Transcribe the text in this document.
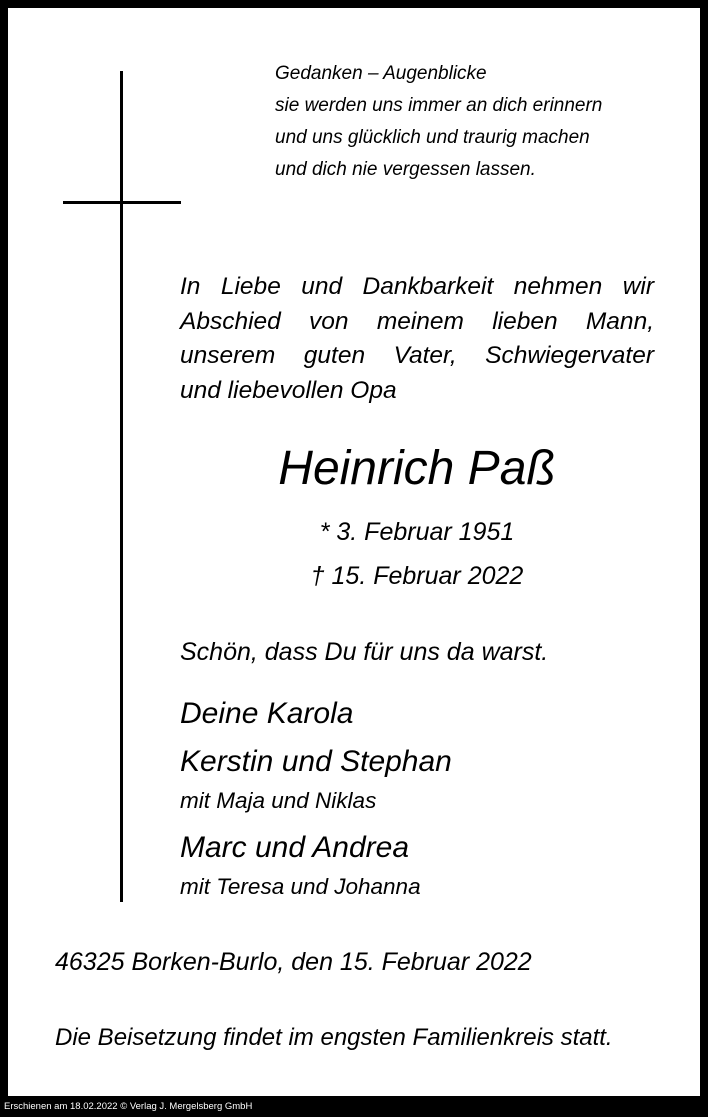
Gedanken – Augenblicke
sie werden uns immer an dich erinnern
und uns glücklich und traurig machen
und dich nie vergessen lassen.
In Liebe und Dankbarkeit nehmen wir
Abschied von meinem lieben Mann,
unserem guten Vater, Schwiegervater
und liebevollen Opa
Heinrich Paß
* 3. Februar 1951
† 15. Februar 2022
Schön, dass Du für uns da warst.
Deine Karola
Kerstin und Stephan
mit Maja und Niklas
Marc und Andrea
mit Teresa und Johanna
46325 Borken-Burlo, den 15. Februar 2022
Die Beisetzung findet im engsten Familienkreis statt.
Erschienen am 18.02.2022 © Verlag J. Mergelsberg GmbH
